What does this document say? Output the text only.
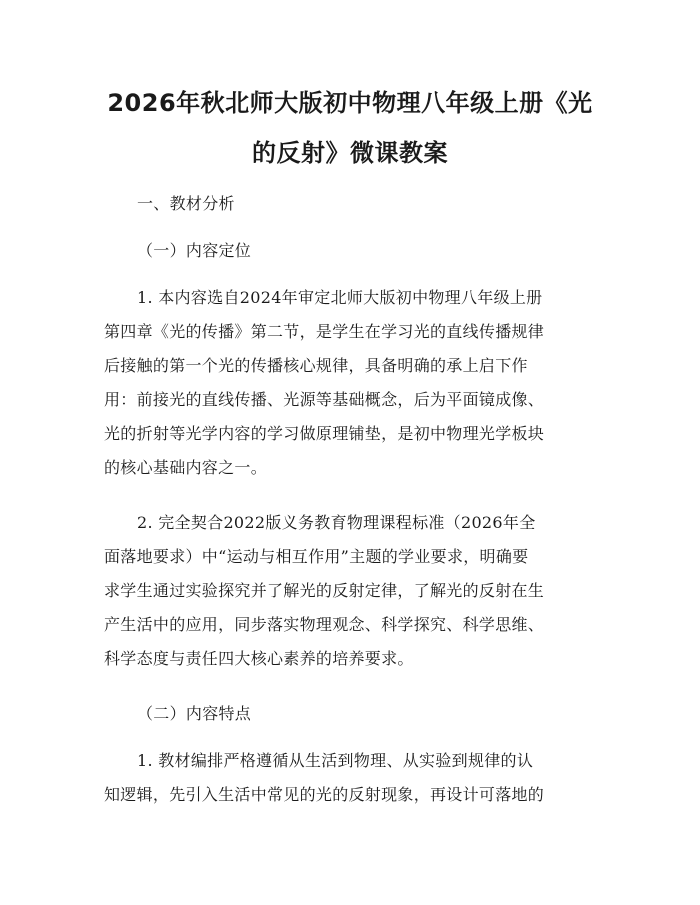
2026年秋北师大版初中物理八年级上册《光
的反射》微课教案
一、教材分析
（一）内容定位
1. 本内容选自2024年审定北师大版初中物理八年级上册
第四章《光的传播》第二节，是学生在学习光的直线传播规律
后接触的第一个光的传播核心规律，具备明确的承上启下作
用：前接光的直线传播、光源等基础概念，后为平面镜成像、
光的折射等光学内容的学习做原理铺垫，是初中物理光学板块
的核心基础内容之一。
2. 完全契合2022版义务教育物理课程标准（2026年全
面落地要求）中“运动与相互作用”主题的学业要求，明确要
求学生通过实验探究并了解光的反射定律，了解光的反射在生
产生活中的应用，同步落实物理观念、科学探究、科学思维、
科学态度与责任四大核心素养的培养要求。
（二）内容特点
1. 教材编排严格遵循从生活到物理、从实验到规律的认
知逻辑，先引入生活中常见的光的反射现象，再设计可落地的
